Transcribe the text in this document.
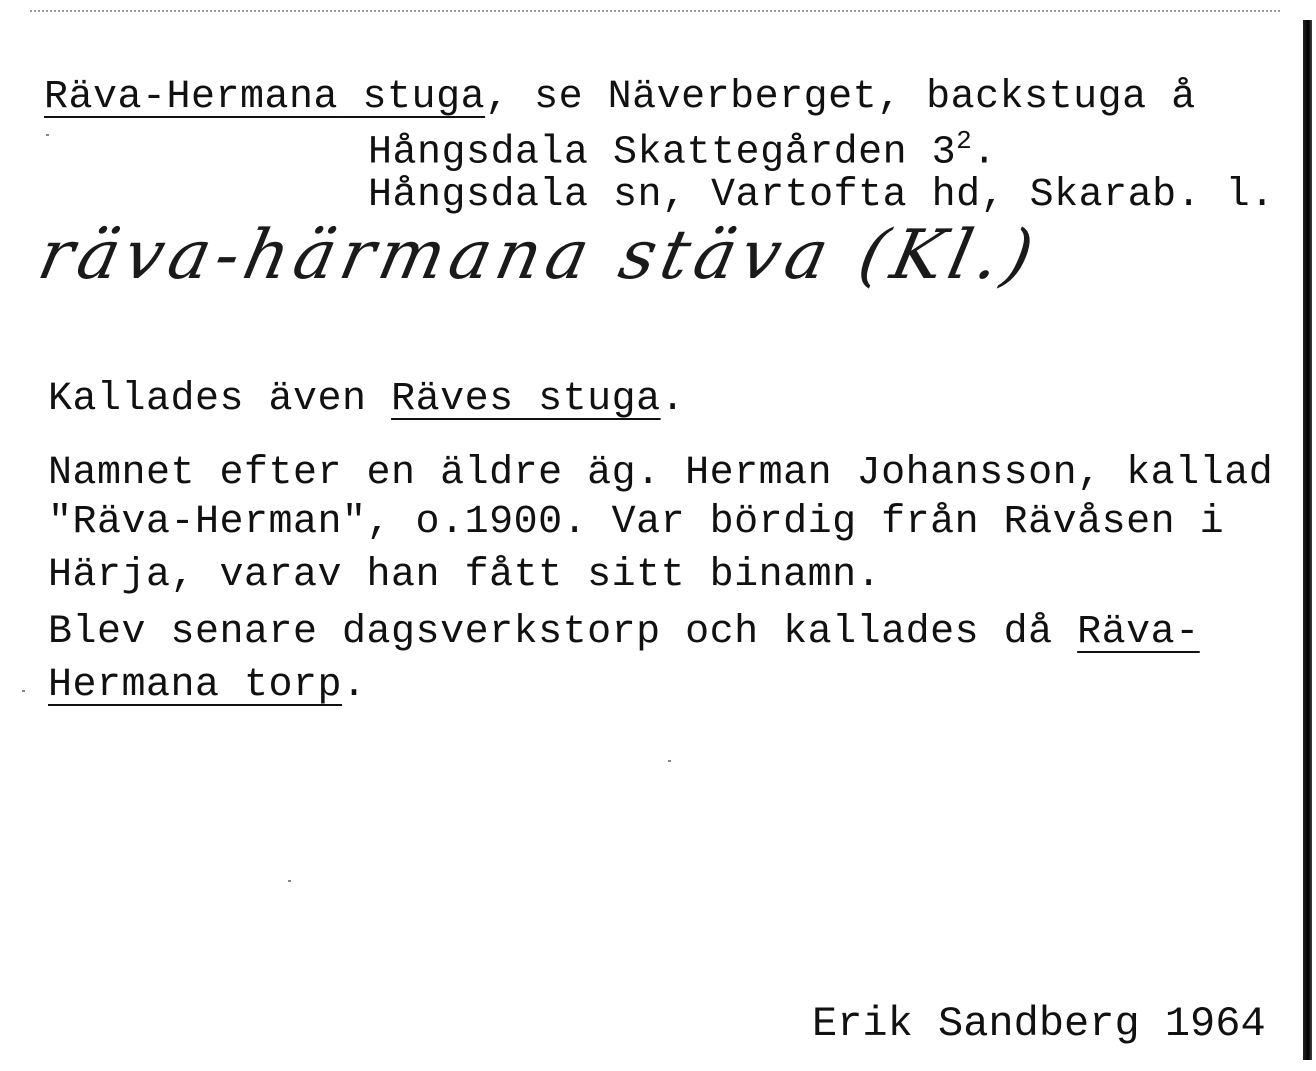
Räva-Hermana stuga, se Näverberget, backstuga å
Hångsdala Skattegården $3^2$.
Hångsdala sn, Vartofta hd, Skarab. l.
räva-härmana stäva (Kl.)
Kallades även Räves stuga.
Namnet efter en äldre äg. Herman Johansson, kallad
"Räva-Herman", o.1900. Var bördig från Rävåsen i
Härja, varav han fått sitt binamn.
Blev senare dagsverkstorp och kallades då Räva-
Hermana torp.
Erik Sandberg 1964
